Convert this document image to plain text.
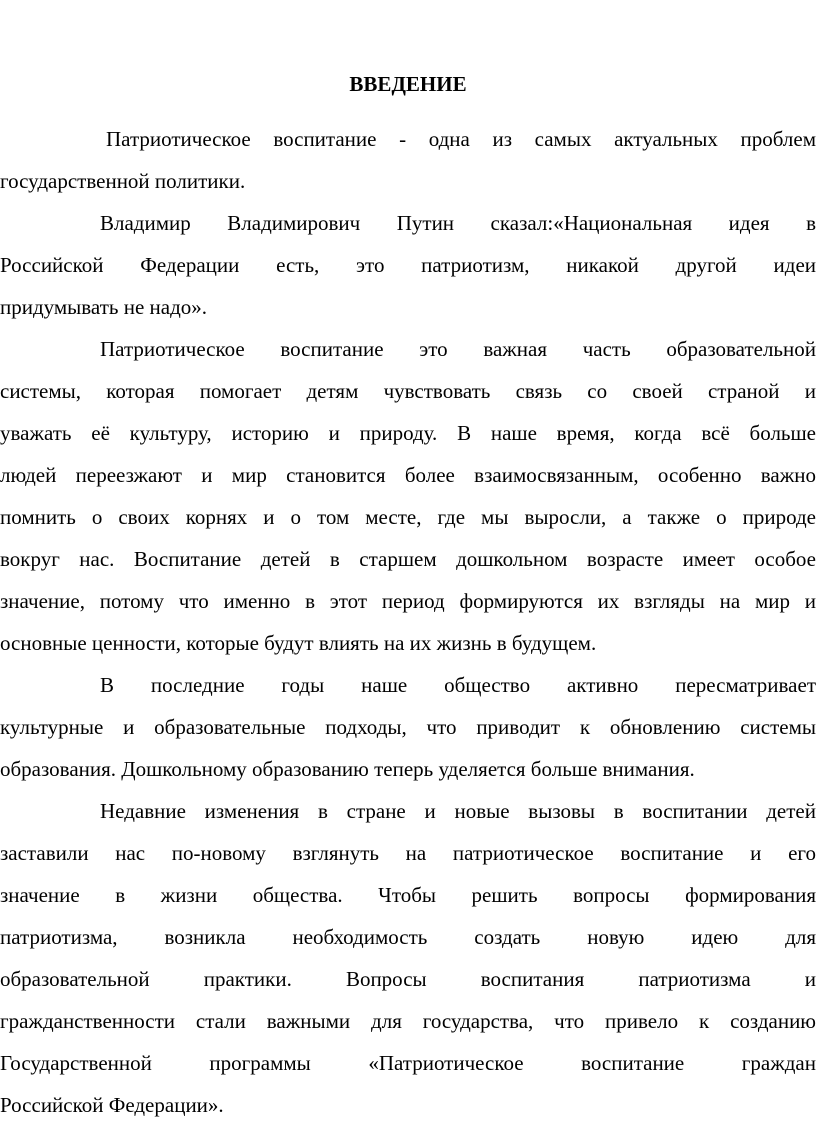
ВВЕДЕНИЕ
Патриотическое воспитание - одна из самых актуальных проблем
государственной политики.
Владимир Владимирович Путин сказал:«Национальная идея в
Российской Федерации есть, это патриотизм, никакой другой идеи
придумывать не надо».
Патриотическое воспитание это важная часть образовательной
системы, которая помогает детям чувствовать связь со своей страной и
уважать её культуру, историю и природу. В наше время, когда всё больше
людей переезжают и мир становится более взаимосвязанным, особенно важно
помнить о своих корнях и о том месте, где мы выросли, а также о природе
вокруг нас. Воспитание детей в старшем дошкольном возрасте имеет особое
значение, потому что именно в этот период формируются их взгляды на мир и
основные ценности, которые будут влиять на их жизнь в будущем.
В последние годы наше общество активно пересматривает
культурные и образовательные подходы, что приводит к обновлению системы
образования. Дошкольному образованию теперь уделяется больше внимания.
Недавние изменения в стране и новые вызовы в воспитании детей
заставили нас по-новому взглянуть на патриотическое воспитание и его
значение в жизни общества. Чтобы решить вопросы формирования
патриотизма, возникла необходимость создать новую идею для
образовательной практики. Вопросы воспитания патриотизма и
гражданственности стали важными для государства, что привело к созданию
Государственной программы «Патриотическое воспитание граждан
Российской Федерации».
